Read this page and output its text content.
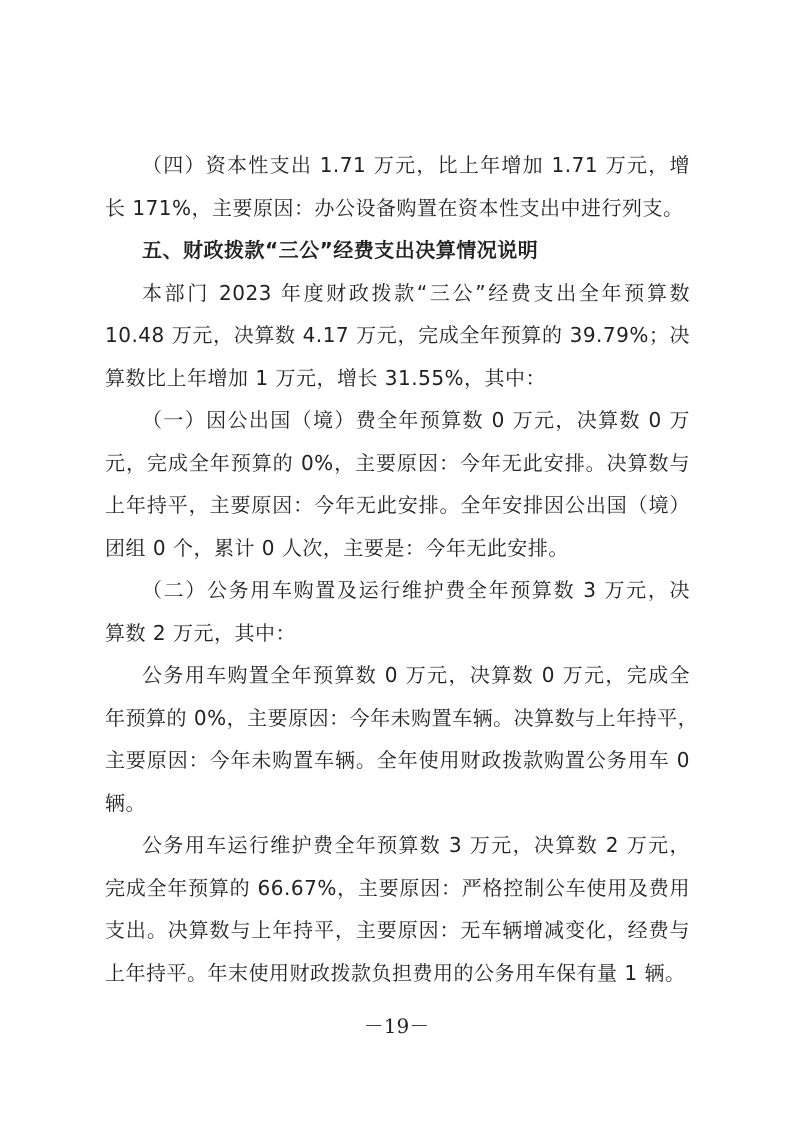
（四）资本性支出 1.71 万元，比上年增加 1.71 万元，增
长 171%，主要原因：办公设备购置在资本性支出中进行列支。
五、财政拨款“三公”经费支出决算情况说明
本部门 2023 年度财政拨款“三公”经费支出全年预算数
10.48 万元，决算数 4.17 万元，完成全年预算的 39.79%；决
算数比上年增加 1 万元，增长 31.55%，其中：
（一）因公出国（境）费全年预算数 0 万元，决算数 0 万
元，完成全年预算的 0%，主要原因：今年无此安排。决算数与
上年持平，主要原因：今年无此安排。全年安排因公出国（境）
团组 0 个，累计 0 人次，主要是：今年无此安排。
（二）公务用车购置及运行维护费全年预算数 3 万元，决
算数 2 万元，其中：
公务用车购置全年预算数 0 万元，决算数 0 万元，完成全
年预算的 0%，主要原因：今年未购置车辆。决算数与上年持平，
主要原因：今年未购置车辆。全年使用财政拨款购置公务用车 0
辆。
公务用车运行维护费全年预算数 3 万元，决算数 2 万元，
完成全年预算的 66.67%，主要原因：严格控制公车使用及费用
支出。决算数与上年持平，主要原因：无车辆增减变化，经费与
上年持平。年末使用财政拨款负担费用的公务用车保有量 1 辆。
－19－
